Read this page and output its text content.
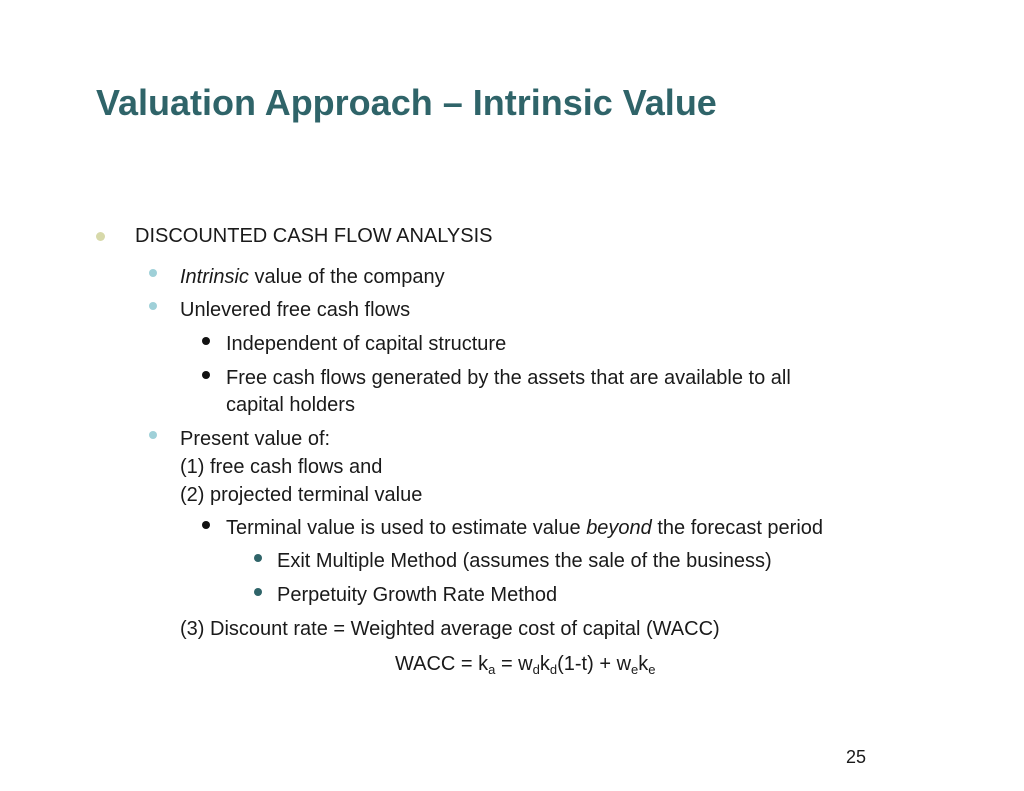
Valuation Approach – Intrinsic Value
DISCOUNTED CASH FLOW ANALYSIS
Intrinsic value of the company
Unlevered free cash flows
Independent of capital structure
Free cash flows generated by the assets that are available to all
capital holders
Present value of:
(1) free cash flows and
(2) projected terminal value
Terminal value is used to estimate value beyond the forecast period
Exit Multiple Method (assumes the sale of the business)
Perpetuity Growth Rate Method
(3) Discount rate = Weighted average cost of capital (WACC)
WACC = $k_a = w_dk_d(1-t) + w_ek_e$
25
